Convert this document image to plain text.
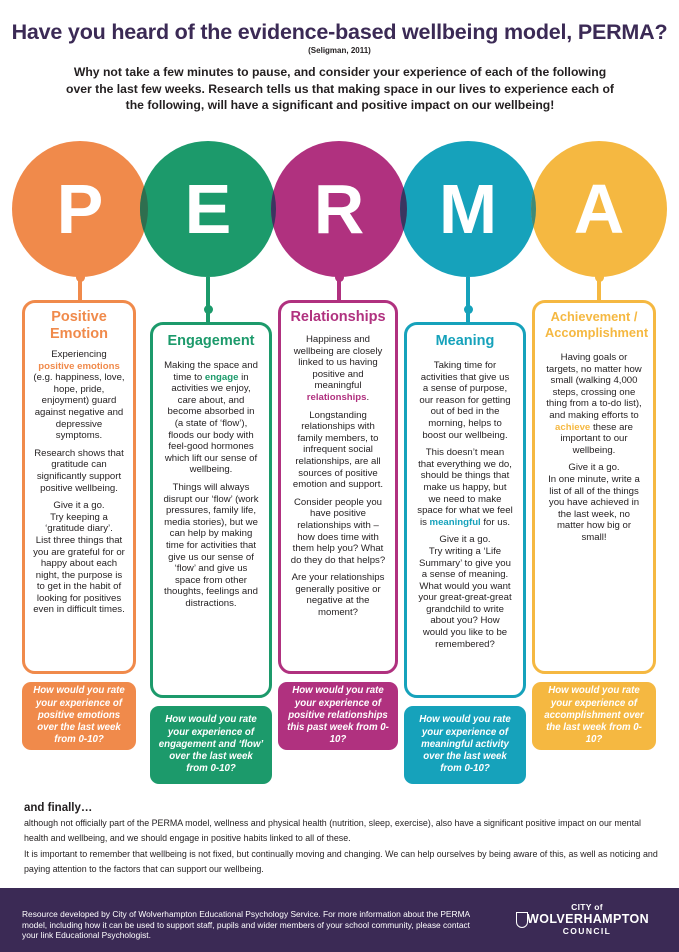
Have you heard of the evidence-based wellbeing model, PERMA?
(Seligman, 2011)
Why not take a few minutes to pause, and consider your experience of each of the following over the last few weeks. Research tells us that making space in our lives to experience each of the following, will have a significant and positive impact on our wellbeing!
P E R M A
Positive
Emotion

Experiencing
positive emotions
(e.g. happiness, love, hope, pride, enjoyment) guard against negative and depressive symptoms.

Research shows that gratitude can significantly support positive wellbeing.

Give it a go.
Try keeping a ‘gratitude diary’.

List three things that you are grateful for or happy about each night, the purpose is to get in the habit of looking for positives even in difficult times.

How would you rate your experience of positive emotions over the last week from 0-10?
Engagement

Making the space and time to engage in activities we enjoy, care about, and become absorbed in (a state of ‘flow’), floods our body with feel-good hormones which lift our sense of wellbeing.

Things will always disrupt our ‘flow’ (work pressures, family life, media stories), but we can help by making time for activities that give us our sense of ‘flow’ and give us space from other thoughts, feelings and distractions.

How would you rate your experience of engagement and ‘flow’ over the last week from 0-10?
Relationships

Happiness and wellbeing are closely linked to us having positive and meaningful relationships.

Longstanding relationships with family members, to infrequent social relationships, are all sources of positive emotion and support.

Consider people you have positive relationships with – how does time with them help you? What do they do that helps?

Are your relationships generally positive or negative at the moment?

How would you rate your experience of positive relationships this past week from 0-10?
Meaning

Taking time for activities that give us a sense of purpose, our reason for getting out of bed in the morning, helps to boost our wellbeing.

This doesn’t mean that everything we do, should be things that make us happy, but we need to make space for what we feel is meaningful for us.

Give it a go.

Try writing a ‘Life Summary’ to give you a sense of meaning. What would you want your great-great-great grandchild to write about you? How would you like to be remembered?

How would you rate your experience of meaningful activity over the last week from 0-10?
Achievement /
Accomplishment

Having goals or targets, no matter how small (walking 4,000 steps, crossing one thing from a to-do list), and making efforts to achieve these are important to our wellbeing.

Give it a go.

In one minute, write a list of all of the things you have achieved in the last week, no matter how big or small!

How would you rate your experience of accomplishment over the last week from 0-10?
and finally…
although not officially part of the PERMA model, wellness and physical health (nutrition, sleep, exercise), also have a significant positive impact on our mental health and wellbeing, and we should engage in positive habits linked to all of these.
It is important to remember that wellbeing is not fixed, but continually moving and changing. We can help ourselves by being aware of this, as well as noticing and paying attention to the factors that can support our wellbeing.
Resource developed by City of Wolverhampton Educational Psychology Service. For more information about the PERMA model, including how it can be used to support staff, pupils and wider members of your school community, please contact your link Educational Psychologist.
CITY of
WOLVERHAMPTON
COUNCIL
